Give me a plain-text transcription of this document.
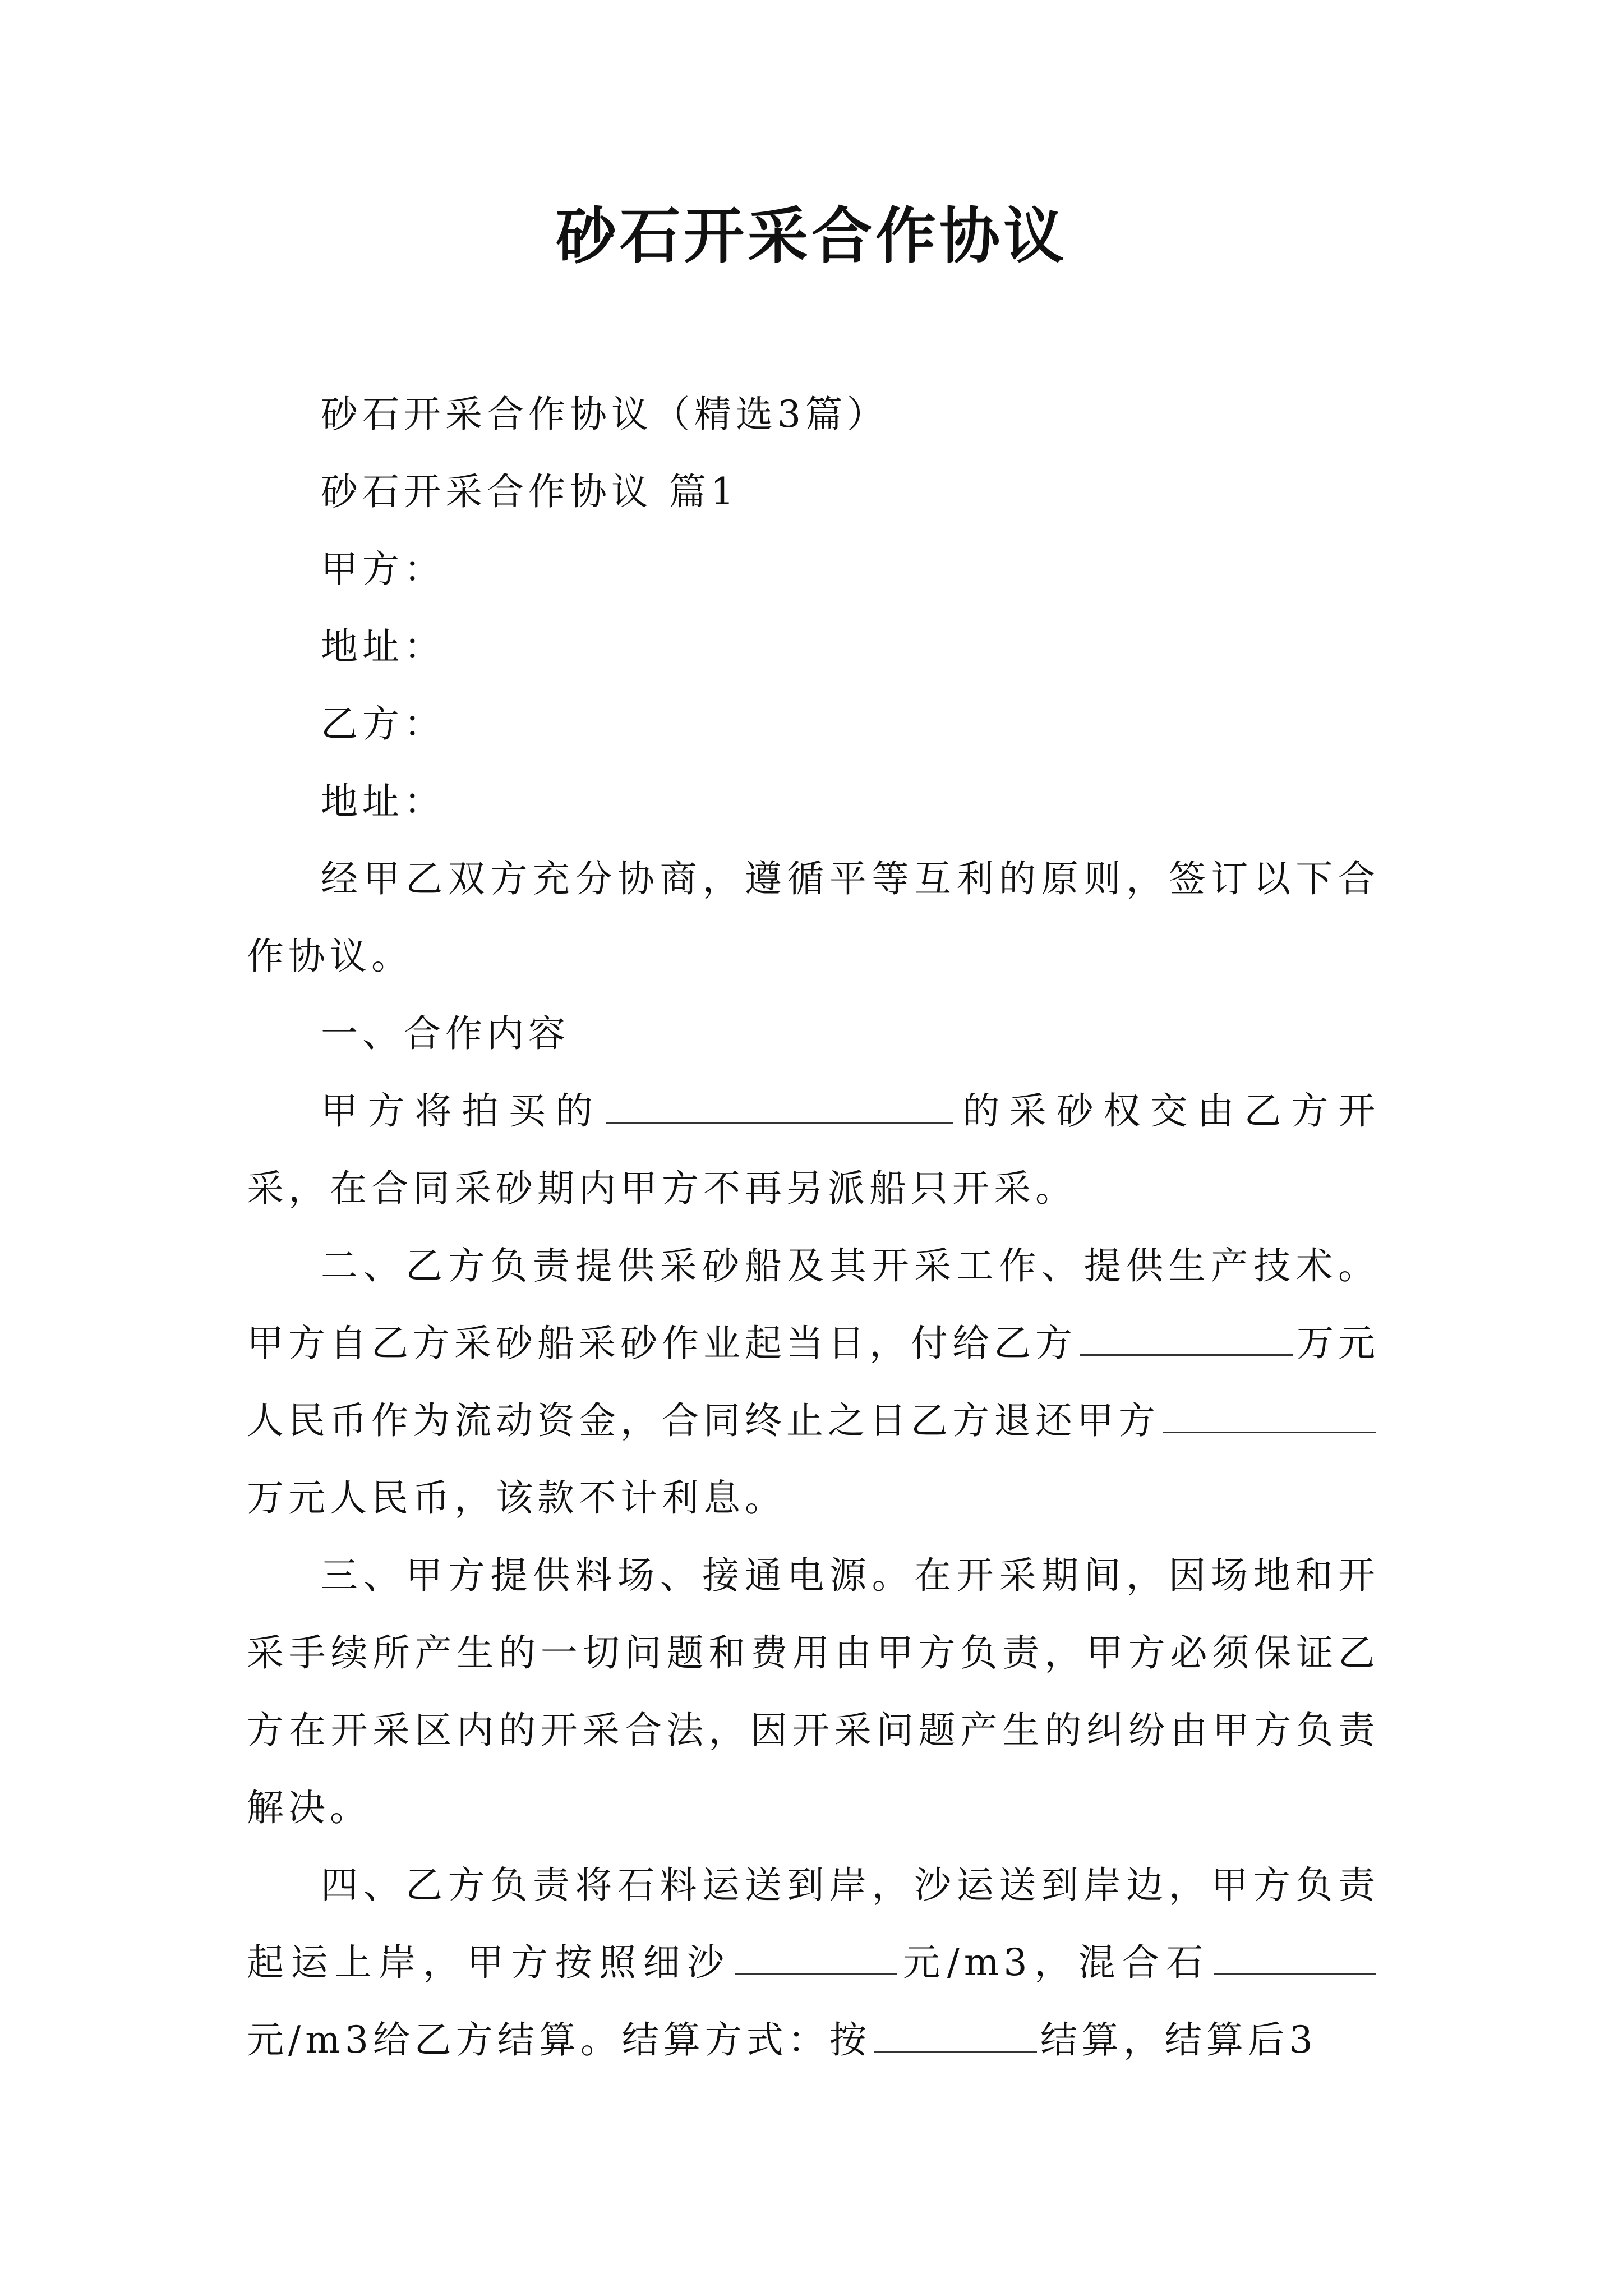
砂石开采合作协议

砂石开采合作协议（精选3篇）

砂石开采合作协议 篇1

甲方：

地址：

乙方：

地址：

经甲乙双方充分协商，遵循平等互利的原则，签订以下合作协议。

一、合作内容

甲方将拍买的	的采砂权交由乙方开采，在合同采砂期内甲方不再另派船只开采。

二、乙方负责提供采砂船及其开采工作、提供生产技术。甲方自乙方采砂船采砂作业起当日，付给乙方	万元人民币作为流动资金，合同终止之日乙方退还甲方万元人民币，该款不计利息。

三、甲方提供料场、接通电源。在开采期间，因场地和开采手续所产生的一切问题和费用由甲方负责，甲方必须保证乙方在开采区内的开采合法，因开采问题产生的纠纷由甲方负责解决。

四、乙方负责将石料运送到岸，沙运送到岸边，甲方负责起运上岸，甲方按照细沙	元/m3，混合石元/m3给乙方结算。结算方式：按	结算，结算后3
